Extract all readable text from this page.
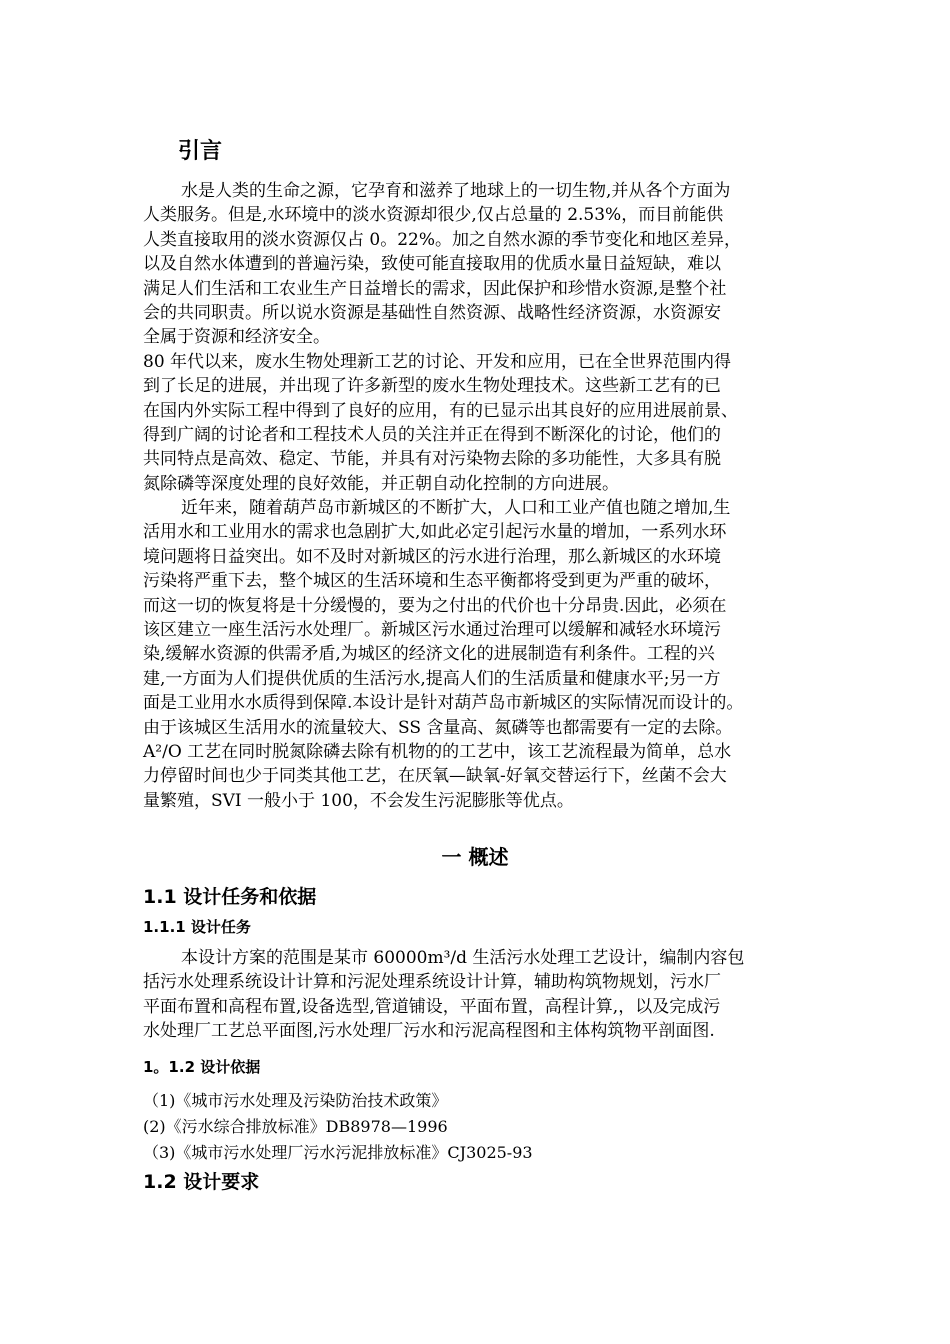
引言
水是人类的生命之源，它孕育和滋养了地球上的一切生物,并从各个方面为
人类服务。但是,水环境中的淡水资源却很少,仅占总量的 2.53%，而目前能供
人类直接取用的淡水资源仅占 0。22%。加之自然水源的季节变化和地区差异，
以及自然水体遭到的普遍污染，致使可能直接取用的优质水量日益短缺，难以
满足人们生活和工农业生产日益增长的需求，因此保护和珍惜水资源,是整个社
会的共同职责。所以说水资源是基础性自然资源、战略性经济资源，水资源安
全属于资源和经济安全。
80 年代以来，废水生物处理新工艺的讨论、开发和应用，已在全世界范围内得
到了长足的进展，并出现了许多新型的废水生物处理技术。这些新工艺有的已
在国内外实际工程中得到了良好的应用，有的已显示出其良好的应用进展前景、
得到广阔的讨论者和工程技术人员的关注并正在得到不断深化的讨论，他们的
共同特点是高效、稳定、节能，并具有对污染物去除的多功能性，大多具有脱
氮除磷等深度处理的良好效能，并正朝自动化控制的方向进展。
近年来，随着葫芦岛市新城区的不断扩大，人口和工业产值也随之增加,生
活用水和工业用水的需求也急剧扩大,如此必定引起污水量的增加，一系列水环
境问题将日益突出。如不及时对新城区的污水进行治理，那么新城区的水环境
污染将严重下去，整个城区的生活环境和生态平衡都将受到更为严重的破坏，
而这一切的恢复将是十分缓慢的，要为之付出的代价也十分昂贵.因此，必须在
该区建立一座生活污水处理厂。新城区污水通过治理可以缓解和减轻水环境污
染,缓解水资源的供需矛盾,为城区的经济文化的进展制造有利条件。工程的兴
建,一方面为人们提供优质的生活污水,提高人们的生活质量和健康水平;另一方
面是工业用水水质得到保障.本设计是针对葫芦岛市新城区的实际情况而设计的。
由于该城区生活用水的流量较大、SS 含量高、氮磷等也都需要有一定的去除。
A²/O 工艺在同时脱氮除磷去除有机物的的工艺中，该工艺流程最为简单，总水
力停留时间也少于同类其他工艺，在厌氧—缺氧-好氧交替运行下，丝菌不会大
量繁殖，SVI 一般小于 100，不会发生污泥膨胀等优点。
一 概述
1.1 设计任务和依据
1.1.1 设计任务
本设计方案的范围是某市 60000m³/d 生活污水处理工艺设计，编制内容包
括污水处理系统设计计算和污泥处理系统设计计算，辅助构筑物规划，污水厂
平面布置和高程布置,设备选型,管道铺设，平面布置，高程计算,，以及完成污
水处理厂工艺总平面图,污水处理厂污水和污泥高程图和主体构筑物平剖面图.
1。1.2 设计依据
（1)《城市污水处理及污染防治技术政策》
(2)《污水综合排放标准》DB8978—1996
（3)《城市污水处理厂污水污泥排放标准》CJ3025-93
1.2 设计要求
